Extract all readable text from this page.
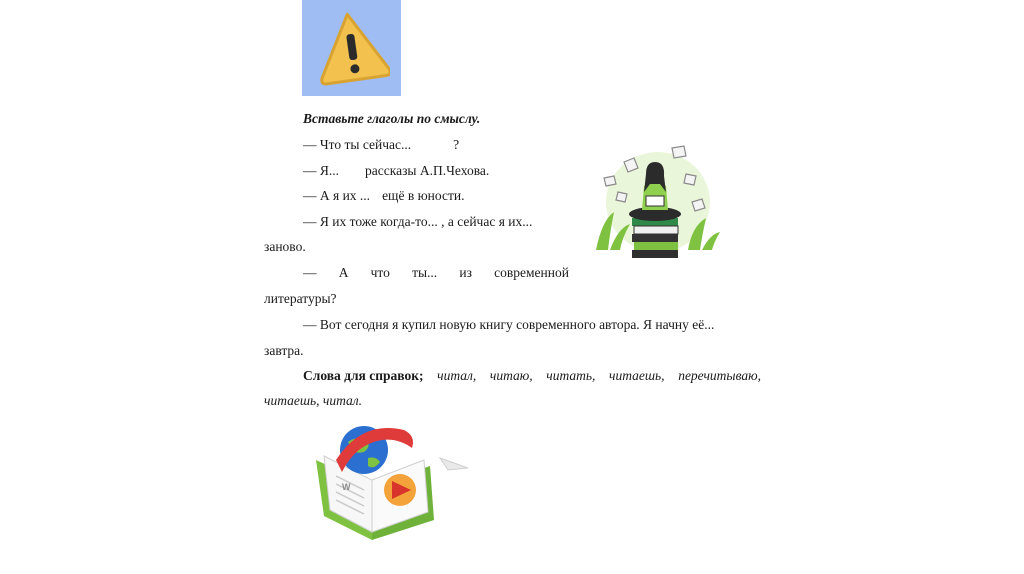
Вставьте глаголы по смыслу.
— Что ты сейчас...	?
— Я... рассказы А.П.Чехова.
— А я их ... ещё в юности.
— Я их тоже когда-то... , а сейчас я их...
заново.
— А что ты... из современной
литературы?
— Вот сегодня я купил новую книгу современного автора. Я начну её...
завтра.
Слова для справок; читал, читаю, читать, читаешь, перечитываю,
читаешь, читал.
W
